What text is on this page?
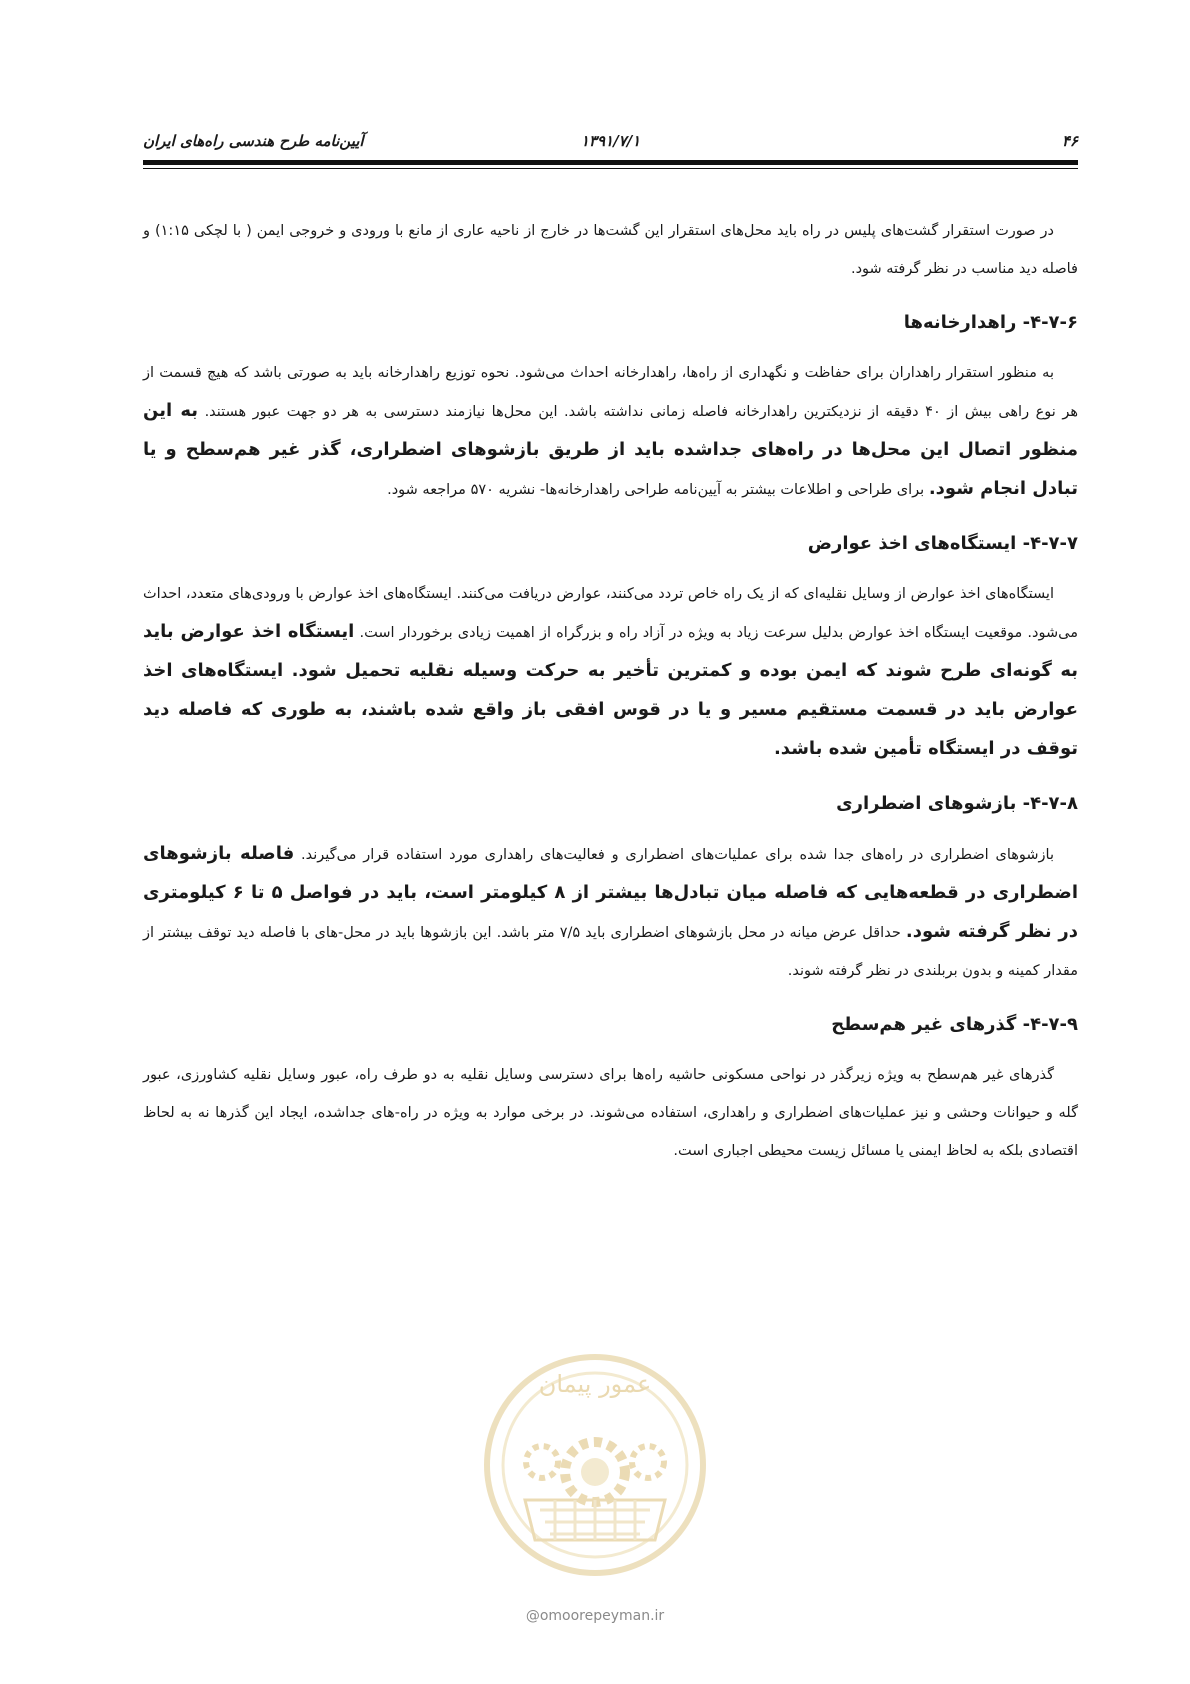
۴۶
۱۳۹۱/۷/۱
آیین‌نامه طرح هندسی راه‌های ایران

در صورت استقرار گشت‌های پلیس در راه باید محل‌های استقرار این گشت‌ها در خارج از ناحیه عاری از مانع با ورودی و خروجی ایمن ( با لچکی ۱:۱۵) و فاصله دید مناسب در نظر گرفته شود.

۴-۷-۶- راهدارخانه‌ها

به منظور استقرار راهداران برای حفاظت و نگهداری از راه‌ها، راهدارخانه احداث می‌شود. نحوه توزیع راهدارخانه باید به صورتی باشد که هیچ قسمت از هر نوع راهی بیش از ۴۰ دقیقه از نزدیکترین راهدارخانه فاصله زمانی نداشته باشد. این محل‌ها نیازمند دسترسی به هر دو جهت عبور هستند. به این منظور اتصال این محل‌ها در راه‌های جداشده باید از طریق بازشوهای اضطراری، گذر غیر هم‌سطح و یا تبادل انجام شود. برای طراحی و اطلاعات بیشتر به آیین‌نامه طراحی راهدارخانه‌ها- نشریه ۵۷۰ مراجعه شود.

۴-۷-۷- ایستگاه‌های اخذ عوارض

ایستگاه‌های اخذ عوارض از وسایل نقلیه‌ای که از یک راه خاص تردد می‌کنند، عوارض دریافت می‌کنند. ایستگاه‌های اخذ عوارض با ورودی‌های متعدد، احداث می‌شود. موقعیت ایستگاه اخذ عوارض بدلیل سرعت زیاد به ویژه در آزاد راه و بزرگراه از اهمیت زیادی برخوردار است. ایستگاه اخذ عوارض باید به گونه‌ای طرح شوند که ایمن بوده و کمترین تأخیر به حرکت وسیله نقلیه تحمیل شود. ایستگاه‌های اخذ عوارض باید در قسمت مستقیم مسیر و یا در قوس افقی باز واقع شده باشند، به طوری که فاصله دید توقف در ایستگاه تأمین شده باشد.

۴-۷-۸- بازشوهای اضطراری

بازشوهای اضطراری در راه‌های جدا شده برای عملیات‌های اضطراری و فعالیت‌های راهداری مورد استفاده قرار می‌گیرند. فاصله بازشوهای اضطراری در قطعه‌هایی که فاصله میان تبادل‌ها بیشتر از ۸ کیلومتر است، باید در فواصل ۵ تا ۶ کیلومتری در نظر گرفته شود. حداقل عرض میانه در محل بازشوهای اضطراری باید ۷/۵ متر باشد. این بازشوها باید در محل-های با فاصله دید توقف بیشتر از مقدار کمینه و بدون بربلندی در نظر گرفته شوند.

۴-۷-۹- گذرهای غیر هم‌سطح

گذرهای غیر هم‌سطح به ویژه زیرگذر در نواحی مسکونی حاشیه راه‌ها برای دسترسی وسایل نقلیه به دو طرف راه، عبور وسایل نقلیه کشاورزی، عبور گله و حیوانات وحشی و نیز عملیات‌های اضطراری و راهداری، استفاده می‌شوند. در برخی موارد به ویژه در راه-های جداشده، ایجاد این گذرها نه به لحاظ اقتصادی بلکه به لحاظ ایمنی یا مسائل زیست محیطی اجباری است.

عمور پیمان
@omoorepeyman.ir
